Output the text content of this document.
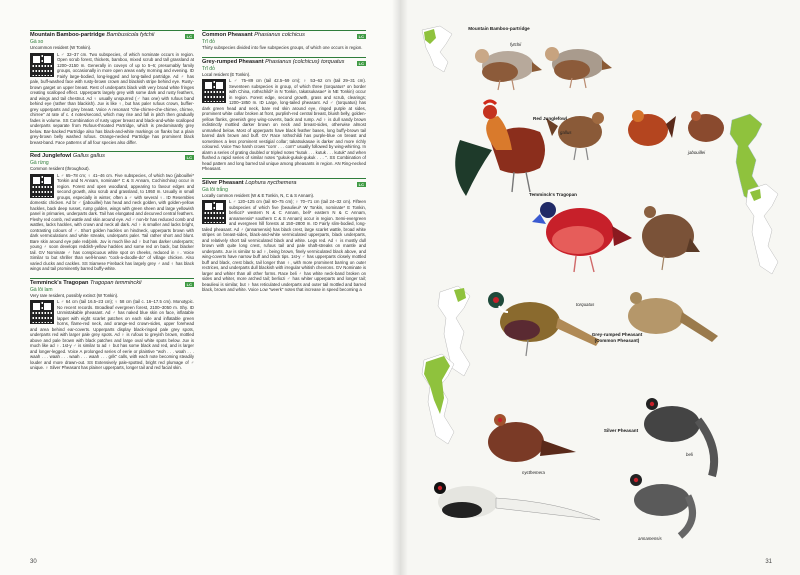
Mountain Bamboo-partridge Bambusicola fytchii	LC
Gà so
Uncommon resident (W Tonkin).
L ♂ 32–37 cm. Two subspecies, of which nominate occurs in region. Open scrub forest, thickets, bamboo, mixed scrub and tall grassland at 1200–2150 m. Generally in coveys of up to 5–6; presumably family groups, occasionally in more open areas early morning and evening. ID Fairly large-bodied, long-legged and long-tailed partridge. Ad ♂ has pale, buff-washed face with rusty-brown crown and blackish stripe behind eye. Rusty-brown garget on upper breast. Rest of underparts black with very broad white fringes creating scalloped effect. Upperparts largely grey with some dark and rusty feathers, and wings and tail chestnut. Ad ♀ usually unspurred (♂ has one) with rufous band behind eye (rather than blackish). Juv is like ♀, but has paler rufous crown, buffier-grey upperparts and grey breast. Voice A resonant "che-chirree-che-chirree, chirree, chirree" at rate of c. 4 notes/second, which may rise and fall in pitch then gradually fades in volume. SS Combination of rusty upper breast and black-and-white scalloped underparts separate from Rufous-throated Partridge, which is predominantly grey below. Bar-backed Partridge also has black-and-white markings on flanks but a plain grey-brown belly washed rufous. Orange-necked Partridge has prominent black breast-band. Face patterns of all four species also differ.
Red Junglefowl Gallus gallus	LC
Gà rừng
Common resident (throughout).
L ♂ 65–78 cm; ♀ 41–46 cm. Five subspecies, of which two (jabouillei* Tonkin and N Annam, nominate* C & S Annam, Cochinchina) occur in region. Forest and open woodland, appearing to favour edges and second growth, also scrub and grassland, to 1950 m. Usually in small groups, especially in winter, often a ♂ with several ♀. ID Resembles domestic chicken. Ad br ♂ (jabouillei) has head and neck golden, with golden-yellow hackles, back deep russet, rump golden, wings with green sheen and large yellowish panel in primaries, underparts dark. Tail has elongated and decurved central feathers. Fleshy red comb, red wattle and skin around eye. Ad ♂ non-br has reduced comb and wattles, lacks hackles, with crown and neck all dark. Ad ♀ is smaller and lacks bright, contrasting colours of ♂. Short golden hackles on hindneck, upperparts brown with dark vermiculations and white streaks, underparts paler. Tail rather short and blunt. Bare skin around eye pale red/pink. Juv is much like ad ♀ but has darker underparts; young ♂ soon develops reddish-yellow hackles and some red on back, but blacker tail. GV Nominate ♂ has conspicuous white spot on cheeks, reduced in ♀. Voice Similar to but shriller than well-known "cock-a-doodle-do" of village chicken. Also varied clucks and cackles. SS Siamese Fireback has largely grey ♂ and ♀ has black wings and tail prominently barred buffy-white.
Temminck's Tragopan Tragopan temminckii	LC
Gà lôi lam
Very rare resident, possibly extinct (W Tonkin).
L ♂ 64 cm (tail 16.5–23 cm); ♀ 58 cm (tail c. 16–17.5 cm). Monotypic. No recent records. Broadleaf evergreen forest, 2100–3050 m. Shy. ID Unmistakable pheasant. Ad ♂ has naked blue skin on face, inflatable lappet with eight scarlet patches on each side and inflatable green horns, flame-red neck, and orange-red crown-sides, upper forehead and area behind ear-coverts. Upperparts display black-ringed pale grey spots, underparts red with larger pale grey spots. Ad ♀ is rufous to greyish brown, mottled above and pale brown with black patches and large oval white spots below. Juv is much like ad ♀. 1st-y ♂ is similar to ad ♀ but has some black and red, and is larger and longer-legged. Voice A prolonged series of eerie or plaintive "woh . . . woah . . . waah . . . waah . . . waah . . . waah . . . grik" calls, with each note becoming steadily louder and more drawn-out. SS Extensively pale-spotted, bright red plumage of ♂ unique. ♀ Silver Pheasant has plainer upperparts, longer tail and red facial skin.
Common Pheasant Phasianus colchicus	LC
Trĩ đỏ
Thirty subspecies divided into five subspecies groups, of which one occurs in region.
Grey-rumped Pheasant Phasianus (colchicus) torquatus	LC
Trĩ đỏ
Local resident (E Tonkin).
L ♂ 75–89 cm (tail 42.5–59 cm); ♀ 53–62 cm (tail 29–31 cm). Seventeen subspecies in group, of which three (torquatus* on border with China, rothschildi* in N Tonkin, takatsukasae* in NE Tonkin) occur in region. Forest edge, second growth, grass and scrub, clearings; 1200–1850 m. ID Large, long-tailed pheasant. Ad ♂ (torquatus) has dark green head and neck, bare red skin around eye, ringed purple at sides, prominent white collar broken at front, purplish-red central breast, bluish belly, golden-yellow flanks, greenish grey wing-coverts, back and rump. Ad ♀ is dull sandy brown indistinctly mottled darker brown on neck and breast-sides, otherwise almost unmarked below. Most of upperparts have black feather bases, long buffy-brown tail barred dark brown and buff. GV Race rothschildi has purple-blue on breast and sometimes a less prominent vestigial collar; takatsukasae is darker and more richly coloured. Voice Two harsh crows "corrr . . . corrr" usually followed by wing-whirring. In alarm a series of grating doubled or tripled notes "kutuk . . . kutuk . . . kutuk" and when flushed a rapid series of similar notes "gukuk-gukuk-gukuk . . . ". SS Combination of head pattern and long barred tail unique among pheasants in region. AN Ring-necked Pheasant.
Silver Pheasant Lophura nycthemera	LC
Gà lôi trắng
Locally common resident (W & E Tonkin, N, C & S Annam).
L ♂ 120–125 cm (tail 60–75 cm); ♀ 70–71 cm (tail 24–32 cm). Fifteen subspecies of which five (beaulieui* W Tonkin, nominate* E Tonkin, berliozi* western N & C Annam, beli* eastern N & C Annam, annamensis* southern C & S Annam) occur in region. Semi-evergreen and evergreen hill forests at 150–2800 m. ID Fairly slim-bodied, long-tailed pheasant. Ad ♂ (annamensis) has black crest, large scarlet wattle, broad white stripes on breast-sides, black-and-white vermiculated upperparts, black underparts, and relatively short tail vermiculated black and white. Legs red. Ad ♀ is mostly dull brown with quite long crest, rufous tail and pale shaft-streaks on mantle and underparts. Juv is similar to ad ♀, being brown, finely vermiculated black above, and wing-coverts have narrow buff and black tips. 1st-y ♂ has upperparts closely mottled buff and black, crest black, tail longer than ♀, with more prominent barring on outer rectrices, and underparts dull blackish with irregular whitish chevrons. GV Nominate is larger and whiter than all other forms. Race beli ♂ has white neck-band broken on sides and whiter, more arched tail; berliozi ♂ has whiter upperparts and longer tail; beaulieui is similar, but ♀ has reticulated underparts and outer tail mottled and barred black, brown and white. Voice Low "weerk" notes that increase in speed becoming a
30
Mountain Bamboo-partridge
fytchii
Red Junglefowl
gallus
jabouillei
Temminck's Tragopan
torquatus
Grey-rumped Pheasant
(Common Pheasant)
Silver Pheasant
beli
nycthemera
annamensis
31
